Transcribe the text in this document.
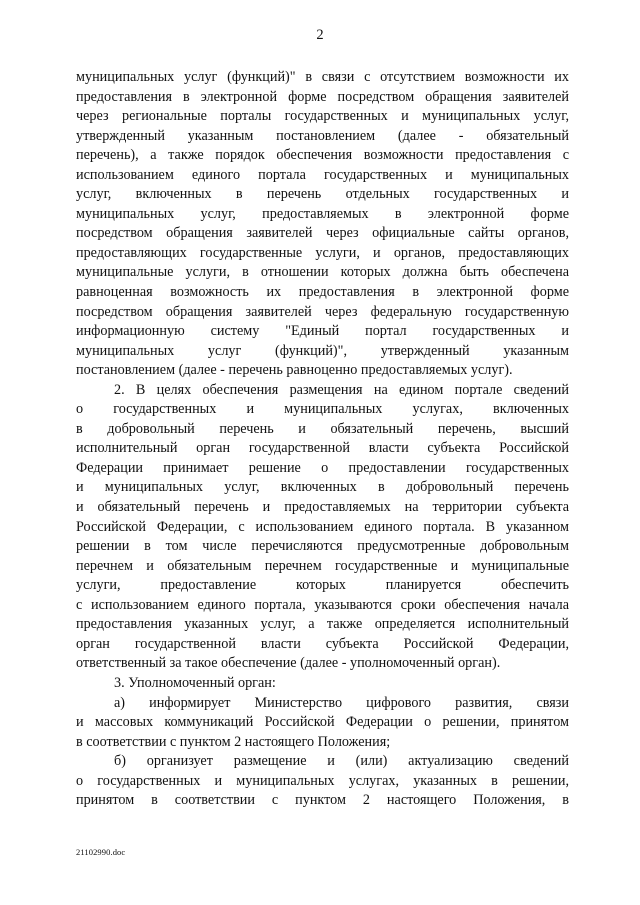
2
муниципальных услуг (функций)" в связи с отсутствием возможности их
предоставления в электронной форме посредством обращения заявителей
через региональные порталы государственных и муниципальных услуг,
утвержденный указанным постановлением (далее - обязательный
перечень), а также порядок обеспечения возможности предоставления с
использованием единого портала государственных и муниципальных
услуг, включенных в перечень отдельных государственных и
муниципальных услуг, предоставляемых в электронной форме
посредством обращения заявителей через официальные сайты органов,
предоставляющих государственные услуги, и органов, предоставляющих
муниципальные услуги, в отношении которых должна быть обеспечена
равноценная возможность их предоставления в электронной форме
посредством обращения заявителей через федеральную государственную
информационную систему "Единый портал государственных и
муниципальных услуг (функций)", утвержденный указанным
постановлением (далее - перечень равноценно предоставляемых услуг).
2. В целях обеспечения размещения на едином портале сведений
о государственных и муниципальных услугах, включенных
в добровольный перечень и обязательный перечень, высший
исполнительный орган государственной власти субъекта Российской
Федерации принимает решение о предоставлении государственных
и муниципальных услуг, включенных в добровольный перечень
и обязательный перечень и предоставляемых на территории субъекта
Российской Федерации, с использованием единого портала. В указанном
решении в том числе перечисляются предусмотренные добровольным
перечнем и обязательным перечнем государственные и муниципальные
услуги, предоставление которых планируется обеспечить
с использованием единого портала, указываются сроки обеспечения начала
предоставления указанных услуг, а также определяется исполнительный
орган государственной власти субъекта Российской Федерации,
ответственный за такое обеспечение (далее - уполномоченный орган).
3. Уполномоченный орган:
а) информирует Министерство цифрового развития, связи
и массовых коммуникаций Российской Федерации о решении, принятом
в соответствии с пунктом 2 настоящего Положения;
б) организует размещение и (или) актуализацию сведений
о государственных и муниципальных услугах, указанных в решении,
принятом в соответствии с пунктом 2 настоящего Положения, в
21102990.doc
